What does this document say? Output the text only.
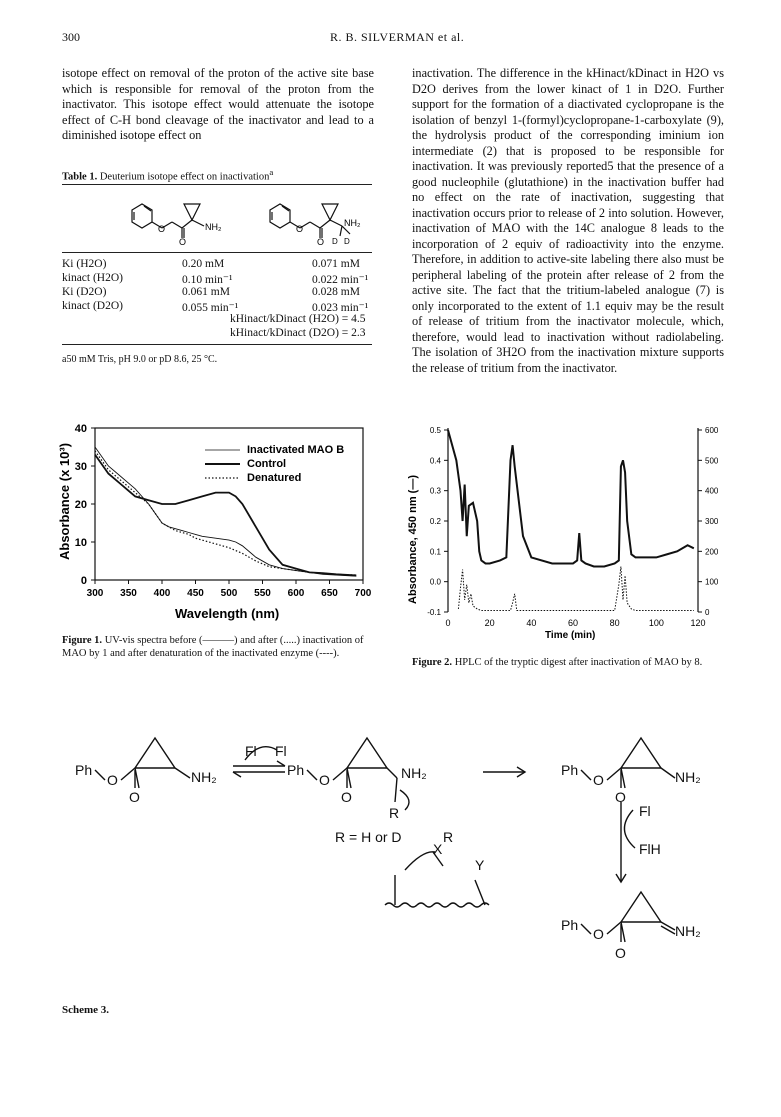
300	R. B. SILVERMAN et al.

isotope effect on removal of the proton of the active site base which is responsible for removal of the proton from the inactivator. This isotope effect would attenuate the isotope effect of C-H bond cleavage of the inactivator and lead to a diminished isotope effect on

inactivation. The difference in the kHinact/kDinact in H2O vs D2O derives from the lower kinact of 1 in D2O. Further support for the formation of a diactivated cyclopropane is the isolation of benzyl 1-(formyl)cyclopropane-1-carboxylate (9), the hydrolysis product of the corresponding iminium ion intermediate (2) that is proposed to be responsible for inactivation. It was previously reported5 that the presence of a good nucleophile (glutathione) in the inactivation buffer had no effect on the rate of inactivation, suggesting that inactivation occurs prior to release of 2 into solution. However, inactivation of MAO with the 14C analogue 8 leads to the incorporation of 2 equiv of radioactivity into the enzyme. Therefore, in addition to active-site labeling there also must be peripheral labeling of the protein after release of 2 from the active site. The fact that the tritium-labeled analogue (7) is only incorporated to the extent of 1.1 equiv may be the result of release of tritium from the inactivator molecule, which, therefore, would lead to inactivation without radiolabeling. The isolation of 3H2O from the inactivation mixture supports the release of tritium from the inactivator.

Table 1. Deuterium isotope effect on inactivation$^a$
O
O
NH₂	O
O
NH₂
D D
Ki (H2O)	0.20 mM	0.071 mM
kinact (H2O)	0.10 min⁻¹	0.022 min⁻¹
Ki (D2O)	0.061 mM	0.028 mM
kinact (D2O)	0.055 min⁻¹	0.023 min⁻¹
kHinact/kDinact (H2O) = 4.5
kHinact/kDinact (D2O) = 2.3
a50 mM Tris, pH 9.0 or pD 8.6, 25 °C.
0
10
20
30
40
300 350 400 450 500 550 600 650 700
Inactivated MAO B
Control
Denatured
Wavelength (nm)
Absorbance (x 10³)
Figure 1. UV-vis spectra before (———) and after (.....) inactivation of MAO by 1 and after denaturation of the inactivated enzyme (----).
-0.1
0.0
0.1
0.2
0.3
0.4
0.5
0
100
200
300
400
500
600
0	20	40	60	80	100	120
Absorbance, 450 nm (—)
Time (min)
Figure 2. HPLC of the tryptic digest after inactivation of MAO by 8.
Ph
O
O
NH₂
Fl Fl
Ph
O
O
NH₂
R
R = H or D	R
X
Y
Ph
O
O
NH₂
Fl
FlH
Ph
O
O
NH₂
Scheme 3.
